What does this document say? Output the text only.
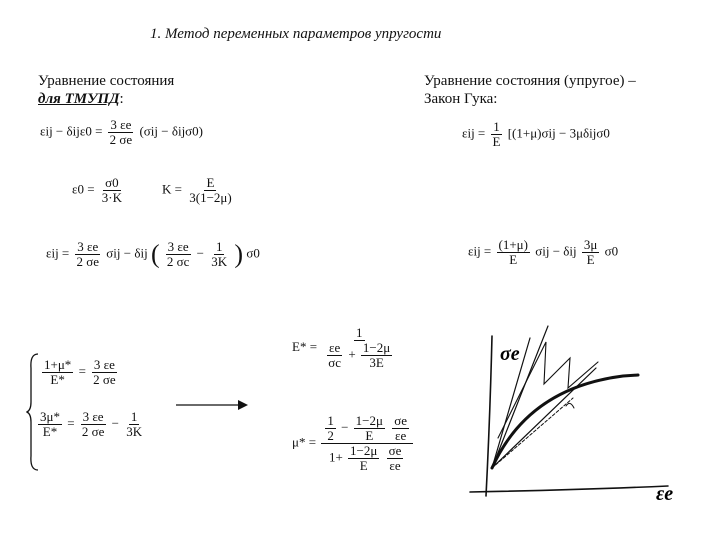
1. Метод переменных параметров упругости
Уравнение состояния
для ТМУПД:
Уравнение состояния (упругое) –
Закон Гука:
$\varepsilon ij - \delta ij\varepsilon 0 = \frac{3 \varepsilon e}{2 \sigma e} (\sigma ij - \delta ij\sigma 0)$
$\varepsilon 0 = \frac{\sigma 0}{3\cdot K}$	$K = \frac{E}{3(1-2\mu)}$
$\varepsilon ij = \frac{3 \varepsilon e}{2 \sigma e}$ σij − δij ( $\frac{3 \varepsilon e}{2 \sigma c} - \frac{1}{3K}$ ) σ0
$\varepsilon ij = \frac{1}{E} [(1+\mu)\sigma ij - 3\mu\delta ij\sigma 0$
$\varepsilon ij = \frac{(1+\mu)}{E}$ σij − δij $\frac{3\mu}{E} \sigma 0$
$\frac{1+\mu*}{E*} = \frac{3 \varepsilon e}{2 \sigma e}$
$\frac{3\mu*}{E*} = \frac{3 \varepsilon e}{2 \sigma e} - \frac{1}{3K}$
$E* = \frac{1}{\frac{\varepsilon e}{\sigma c} + \frac{1-2\mu}{3E}}$
$\mu* = \frac{1}{2} - \frac{1-2\mu}{E}$
$\frac{\sigma e}{\varepsilon e}$
$1+ \frac{1-2\mu}{E}$
$\frac{\sigma e}{\varepsilon e}$
σe
εe
